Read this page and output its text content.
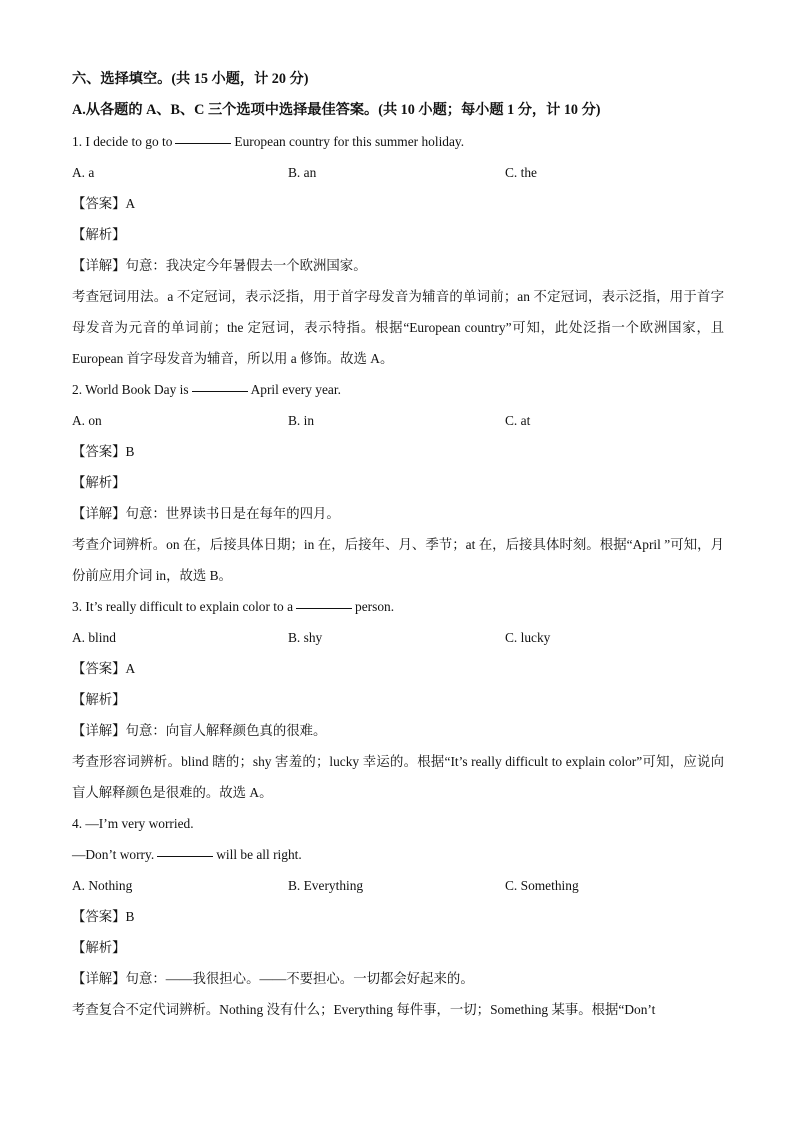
六、选择填空。(共 15 小题，计 20 分)
A.从各题的 A、B、C 三个选项中选择最佳答案。(共 10 小题；每小题 1 分，计 10 分)
1. I decide to go to	European country for this summer holiday.
A. a	B. an	C. the
【答案】A
【解析】
【详解】句意：我决定今年暑假去一个欧洲国家。
考查冠词用法。a 不定冠词，表示泛指，用于首字母发音为辅音的单词前；an 不定冠词，表示泛指，用于首字母发音为元音的单词前；the 定冠词，表示特指。根据“European country”可知，此处泛指一个欧洲国家，且 European 首字母发音为辅音，所以用 a 修饰。故选 A。
2. World Book Day is	April every year.
A. on	B. in	C. at
【答案】B
【解析】
【详解】句意：世界读书日是在每年的四月。
考查介词辨析。on 在，后接具体日期；in 在，后接年、月、季节；at 在，后接具体时刻。根据“April ”可知，月份前应用介词 in，故选 B。
3. It’s really difficult to explain color to a	person.
A. blind	B. shy	C. lucky
【答案】A
【解析】
【详解】句意：向盲人解释颜色真的很难。
考查形容词辨析。blind 瞎的；shy 害羞的；lucky 幸运的。根据“It’s really difficult to explain color”可知，应说向盲人解释颜色是很难的。故选 A。
4. —I’m very worried.
—Don’t worry.	will be all right.
A. Nothing	B. Everything	C. Something
【答案】B
【解析】
【详解】句意：——我很担心。——不要担心。一切都会好起来的。
考查复合不定代词辨析。Nothing 没有什么；Everything 每件事，一切；Something 某事。根据“Don’t
